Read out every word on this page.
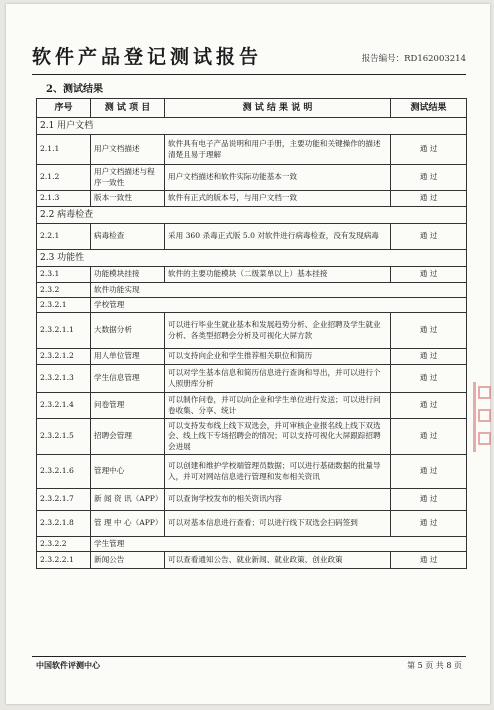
软件产品登记测试报告	报告编号：RD162003214
2、测试结果
序号	测 试 项 目	测 试 结 果 说 明	测试结果
2.1 用户文档			
2.1.1	用户文档描述	软件具有电子产品说明和用户手册，主要功能和关键操作的描述清楚且易于理解	通 过
2.1.2	用户文档描述与程序一致性	用户文档描述和软件实际功能基本一致	通 过
2.1.3	版本一致性	软件有正式的版本号，与用户文档一致	通 过
2.2 病毒检查			
2.2.1	病毒检查	采用 360 杀毒正式版 5.0 对软件进行病毒检查，没有发现病毒	通 过
2.3 功能性			
2.3.1	功能模块挂接	软件的主要功能模块（二级菜单以上）基本挂接	通 过
2.3.2	软件功能实现		
2.3.2.1	学校管理		
2.3.2.1.1	大数据分析	可以进行毕业生就业基本和发展趋势分析、企业招聘及学生就业分析、各类型招聘会分析及可视化大屏方款	通 过
2.3.2.1.2	用人单位管理	可以支持向企业和学生推荐相关职位和简历	通 过
2.3.2.1.3	学生信息管理	可以对学生基本信息和简历信息进行查询和导出，并可以进行个人照册库分析	通 过
2.3.2.1.4	问卷管理	可以制作问卷，并可以向企业和学生单位进行发送；可以进行问卷收集、分享、统计	通 过
2.3.2.1.5	招聘会管理	可以支持发布线上线下双选会，并可审核企业报名线上线下双选会、线上线下专场招聘会的情况；可以支持可视化大屏跟踪招聘会进展	通 过
2.3.2.1.6	管理中心	可以创建和维护学校端管理员数据；可以进行基础数据的批量导入，并可对网站信息进行管理和发布相关资讯	通 过
2.3.2.1.7	新 闻 资 讯（APP）	可以查询学校发布的相关资讯内容	通 过
2.3.2.1.8	管 理 中 心（APP）	可以对基本信息进行查看；可以进行线下双选会扫码签到	通 过
2.3.2.2	学生管理		
2.3.2.2.1	新闻公告	可以查看通知公告、就业新闻、就业政策、创业政策	通 过
中国软件评测中心	第 5 页 共 8 页
